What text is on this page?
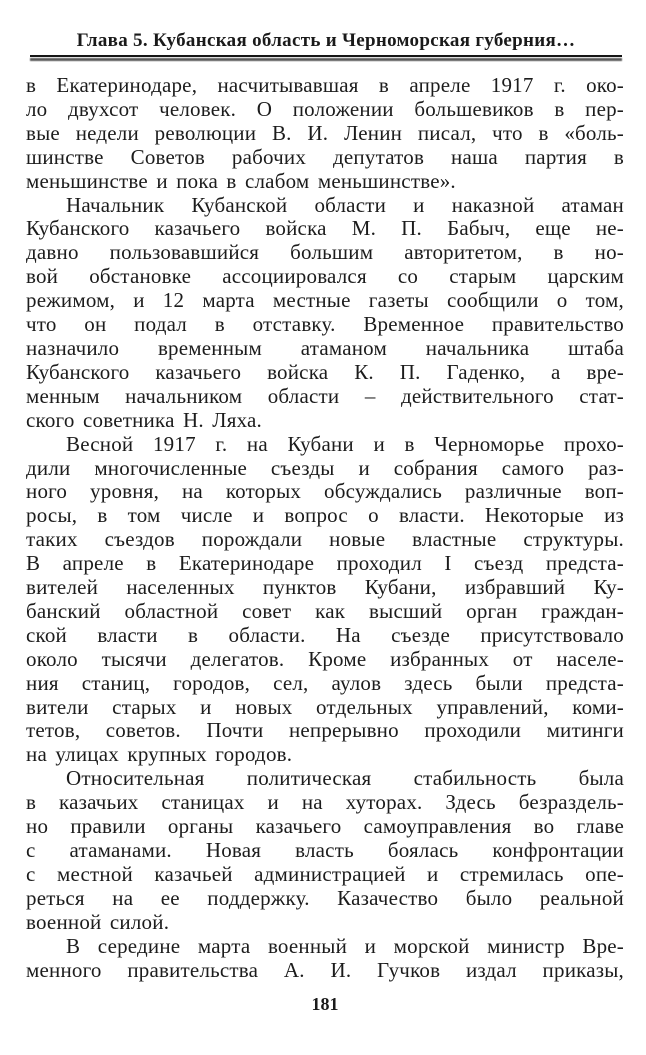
Глава 5. Кубанская область и Черноморская губерния…
в Екатеринодаре, насчитывавшая в апреле 1917 г. око-
ло двухсот человек. О положении большевиков в пер-
вые недели революции В. И. Ленин писал, что в «боль-
шинстве Советов рабочих депутатов наша партия в
меньшинстве и пока в слабом меньшинстве».
Начальник Кубанской области и наказной атаман
Кубанского казачьего войска М. П. Бабыч, еще не-
давно пользовавшийся большим авторитетом, в но-
вой обстановке ассоциировался со старым царским
режимом, и 12 марта местные газеты сообщили о том,
что он подал в отставку. Временное правительство
назначило временным атаманом начальника штаба
Кубанского казачьего войска К. П. Гаденко, а вре-
менным начальником области – действительного стат-
ского советника Н. Ляха.
Весной 1917 г. на Кубани и в Черноморье прохо-
дили многочисленные съезды и собрания самого раз-
ного уровня, на которых обсуждались различные воп-
росы, в том числе и вопрос о власти. Некоторые из
таких съездов порождали новые властные структуры.
В апреле в Екатеринодаре проходил I съезд предста-
вителей населенных пунктов Кубани, избравший Ку-
банский областной совет как высший орган граждан-
ской власти в области. На съезде присутствовало
около тысячи делегатов. Кроме избранных от населе-
ния станиц, городов, сел, аулов здесь были предста-
вители старых и новых отдельных управлений, коми-
тетов, советов. Почти непрерывно проходили митинги
на улицах крупных городов.
Относительная политическая стабильность была
в казачьих станицах и на хуторах. Здесь безраздель-
но правили органы казачьего самоуправления во главе
с атаманами. Новая власть боялась конфронтации
с местной казачьей администрацией и стремилась опе-
реться на ее поддержку. Казачество было реальной
военной силой.
В середине марта военный и морской министр Вре-
менного правительства А. И. Гучков издал приказы,
181
